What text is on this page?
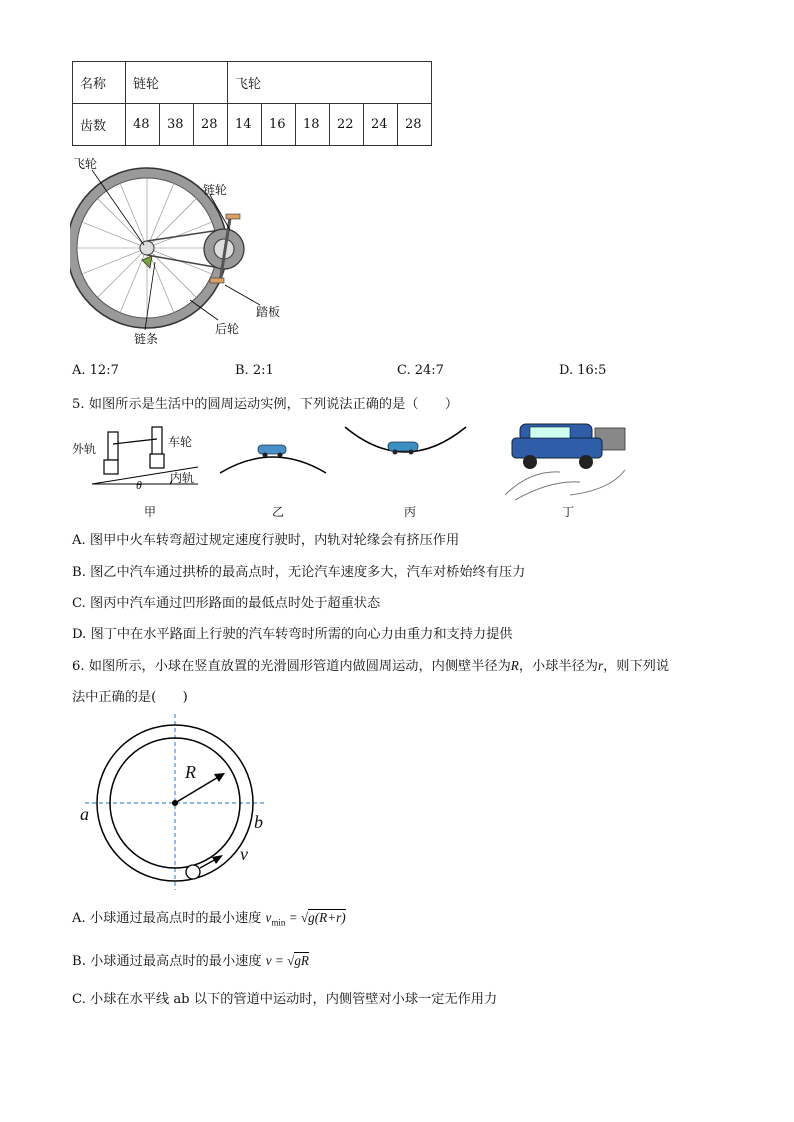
名称	链轮			飞轮					
齿数	48	38	28	14	16	18	22	24	28
飞轮
链轮
踏板
后轮
链条
A. 12:7	B. 2:1	C. 24:7	D. 16:5
5. 如图所示是生活中的圆周运动实例，下列说法正确的是（　　）
外轨	车轮
内轨
θ
甲	乙	丙	丁
A. 图甲中火车转弯超过规定速度行驶时，内轨对轮缘会有挤压作用
B. 图乙中汽车通过拱桥的最高点时，无论汽车速度多大，汽车对桥始终有压力
C. 图丙中汽车通过凹形路面的最低点时处于超重状态
D. 图丁中在水平路面上行驶的汽车转弯时所需的向心力由重力和支持力提供
6. 如图所示，小球在竖直放置的光滑圆形管道内做圆周运动，内侧壁半径为R，小球半径为r，则下列说
法中正确的是(　　)
R
a	b
v
A. 小球通过最高点时的最小速度 $v_{min} = √g(R+r)$
B. 小球通过最高点时的最小速度 v = √gR
C. 小球在水平线 ab 以下的管道中运动时，内侧管壁对小球一定无作用力
